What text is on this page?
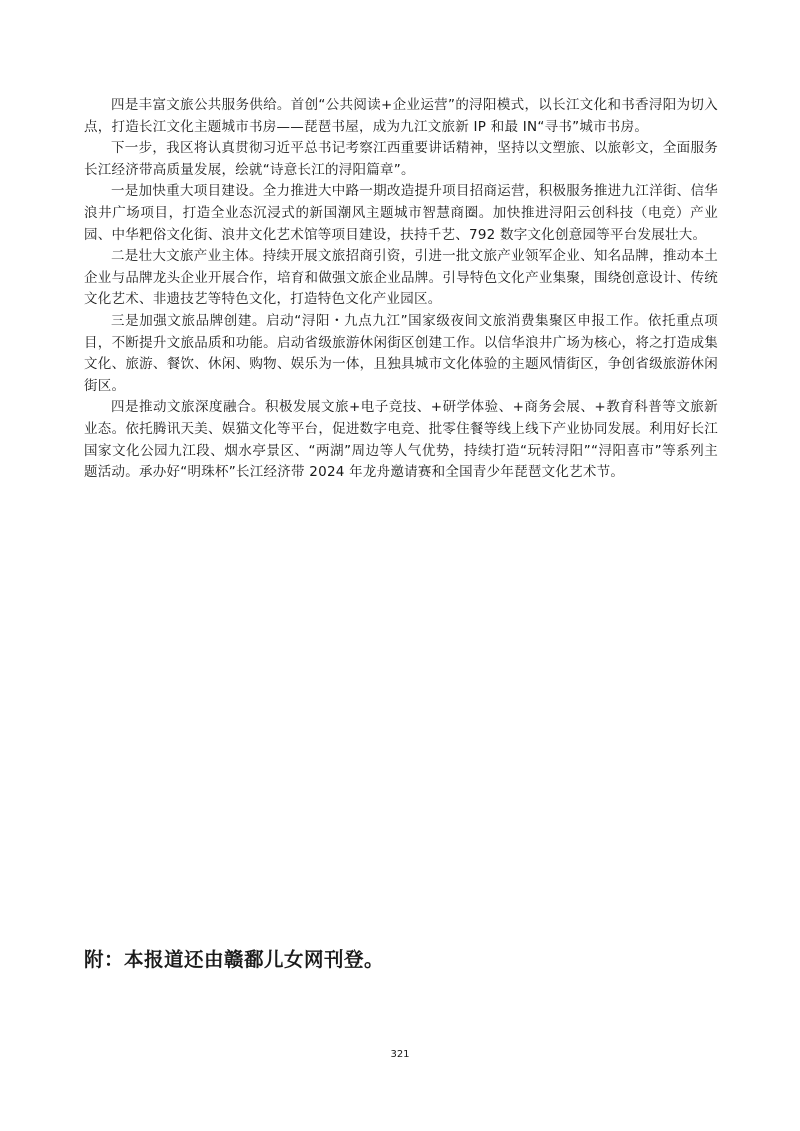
四是丰富文旅公共服务供给。首创“公共阅读+企业运营”的浔阳模式，以长江文化和书香浔阳为切入点，打造长江文化主题城市书房——琵琶书屋，成为九江文旅新 IP 和最 IN“寻书”城市书房。

下一步，我区将认真贯彻习近平总书记考察江西重要讲话精神，坚持以文塑旅、以旅彰文，全面服务长江经济带高质量发展，绘就“诗意长江的浔阳篇章”。

一是加快重大项目建设。全力推进大中路一期改造提升项目招商运营，积极服务推进九江洋街、信华浪井广场项目，打造全业态沉浸式的新国潮风主题城市智慧商圈。加快推进浔阳云创科技（电竞）产业园、中华粑俗文化街、浪井文化艺术馆等项目建设，扶持千艺、792 数字文化创意园等平台发展壮大。

二是壮大文旅产业主体。持续开展文旅招商引资，引进一批文旅产业领军企业、知名品牌，推动本土企业与品牌龙头企业开展合作，培育和做强文旅企业品牌。引导特色文化产业集聚，围绕创意设计、传统文化艺术、非遗技艺等特色文化，打造特色文化产业园区。

三是加强文旅品牌创建。启动“浔阳・九点九江”国家级夜间文旅消费集聚区申报工作。依托重点项目，不断提升文旅品质和功能。启动省级旅游休闲街区创建工作。以信华浪井广场为核心，将之打造成集文化、旅游、餐饮、休闲、购物、娱乐为一体，且独具城市文化体验的主题风情街区，争创省级旅游休闲街区。

四是推动文旅深度融合。积极发展文旅+电子竞技、+研学体验、+商务会展、+教育科普等文旅新业态。依托腾讯天美、娱猫文化等平台，促进数字电竞、批零住餐等线上线下产业协同发展。利用好长江国家文化公园九江段、烟水亭景区、“两湖”周边等人气优势，持续打造“玩转浔阳”“浔阳喜市”等系列主题活动。承办好“明珠杯”长江经济带 2024 年龙舟邀请赛和全国青少年琵琶文化艺术节。

附：本报道还由赣鄱儿女网刊登。

321
